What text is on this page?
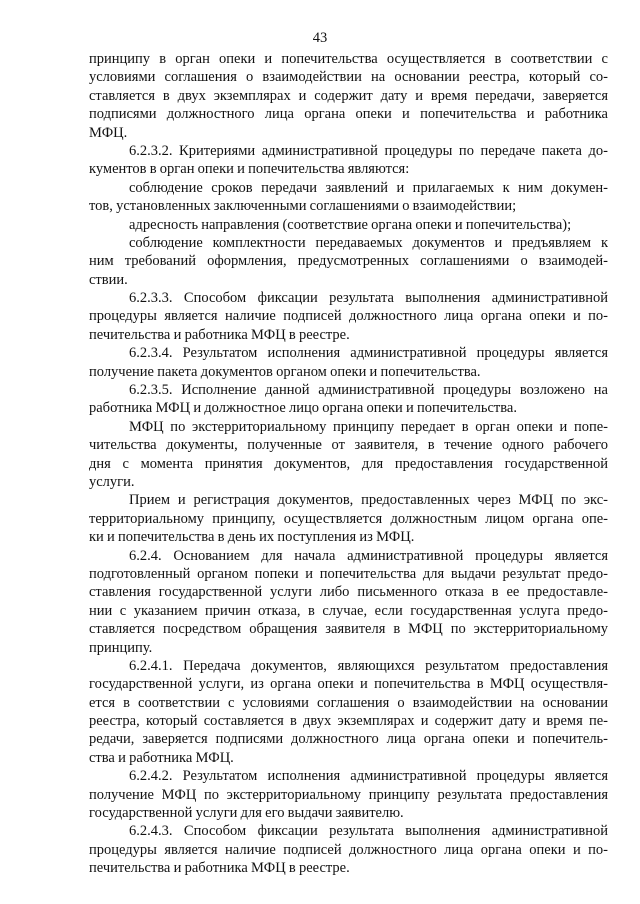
43
принципу в орган опеки и попечительства осуществляется в соответствии с
условиями соглашения о взаимодействии на основании реестра, который со-
ставляется в двух экземплярах и содержит дату и время передачи, заверяется
подписями должностного лица органа опеки и попечительства и работника
МФЦ.
6.2.3.2. Критериями административной процедуры по передаче пакета до-
кументов в орган опеки и попечительства являются:
соблюдение сроков передачи заявлений и прилагаемых к ним докумен-
тов, установленных заключенными соглашениями о взаимодействии;
адресность направления (соответствие органа опеки и попечительства);
соблюдение комплектности передаваемых документов и предъявляем к
ним требований оформления, предусмотренных соглашениями о взаимодей-
ствии.
6.2.3.3. Способом фиксации результата выполнения административной
процедуры является наличие подписей должностного лица органа опеки и по-
печительства и работника МФЦ в реестре.
6.2.3.4. Результатом исполнения административной процедуры является
получение пакета документов органом опеки и попечительства.
6.2.3.5. Исполнение данной административной процедуры возложено на
работника МФЦ и должностное лицо органа опеки и попечительства.
МФЦ по экстерриториальному принципу передает в орган опеки и попе-
чительства документы, полученные от заявителя, в течение одного рабочего
дня с момента принятия документов, для предоставления государственной
услуги.
Прием и регистрация документов, предоставленных через МФЦ по экс-
территориальному принципу, осуществляется должностным лицом органа опе-
ки и попечительства в день их поступления из МФЦ.
6.2.4. Основанием для начала административной процедуры является
подготовленный органом попеки и попечительства для выдачи результат предо-
ставления государственной услуги либо письменного отказа в ее предоставле-
нии с указанием причин отказа, в случае, если государственная услуга предо-
ставляется посредством обращения заявителя в МФЦ по экстерриториальному
принципу.
6.2.4.1. Передача документов, являющихся результатом предоставления
государственной услуги, из органа опеки и попечительства в МФЦ осуществля-
ется в соответствии с условиями соглашения о взаимодействии на основании
реестра, который составляется в двух экземплярах и содержит дату и время пе-
редачи, заверяется подписями должностного лица органа опеки и попечитель-
ства и работника МФЦ.
6.2.4.2. Результатом исполнения административной процедуры является
получение МФЦ по экстерриториальному принципу результата предоставления
государственной услуги для его выдачи заявителю.
6.2.4.3. Способом фиксации результата выполнения административной
процедуры является наличие подписей должностного лица органа опеки и по-
печительства и работника МФЦ в реестре.
